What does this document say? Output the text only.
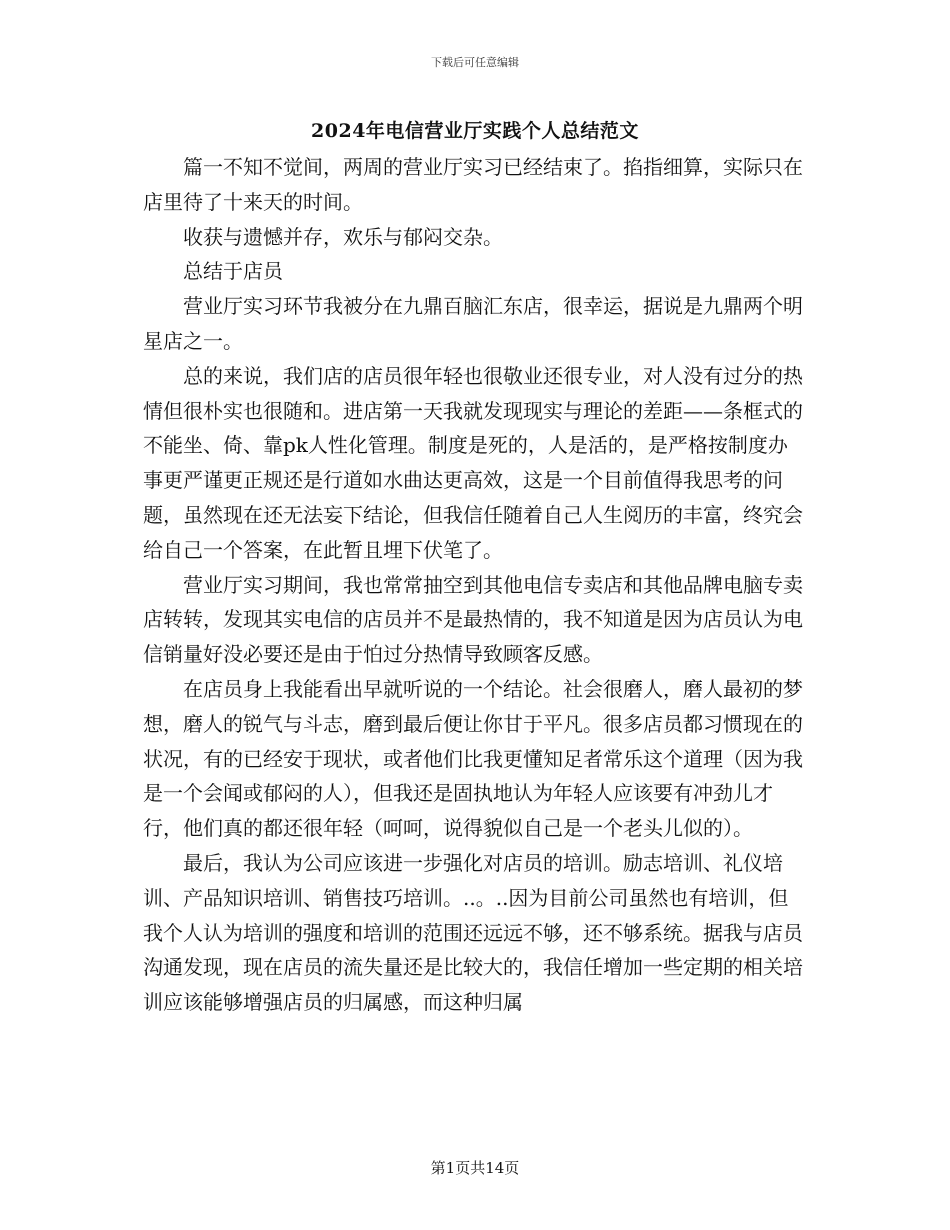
下载后可任意编辑
2024年电信营业厅实践个人总结范文

篇一不知不觉间，两周的营业厅实习已经结束了。掐指细算，实际只在店里待了十来天的时间。

收获与遗憾并存，欢乐与郁闷交杂。

总结于店员

营业厅实习环节我被分在九鼎百脑汇东店，很幸运，据说是九鼎两个明星店之一。

总的来说，我们店的店员很年轻也很敬业还很专业，对人没有过分的热情但很朴实也很随和。进店第一天我就发现现实与理论的差距——条框式的不能坐、倚、靠pk人性化管理。制度是死的，人是活的，是严格按制度办事更严谨更正规还是行道如水曲达更高效，这是一个目前值得我思考的问题，虽然现在还无法妄下结论，但我信任随着自己人生阅历的丰富，终究会给自己一个答案，在此暂且埋下伏笔了。

营业厅实习期间，我也常常抽空到其他电信专卖店和其他品牌电脑专卖店转转，发现其实电信的店员并不是最热情的，我不知道是因为店员认为电信销量好没必要还是由于怕过分热情导致顾客反感。

在店员身上我能看出早就听说的一个结论。社会很磨人，磨人最初的梦想，磨人的锐气与斗志，磨到最后便让你甘于平凡。很多店员都习惯现在的状况，有的已经安于现状，或者他们比我更懂知足者常乐这个道理（因为我是一个会闻或郁闷的人），但我还是固执地认为年轻人应该要有冲劲儿才行，他们真的都还很年轻（呵呵，说得貌似自己是一个老头儿似的）。

最后，我认为公司应该进一步强化对店员的培训。励志培训、礼仪培训、产品知识培训、销售技巧培训。..。..因为目前公司虽然也有培训，但我个人认为培训的强度和培训的范围还远远不够，还不够系统。据我与店员沟通发现，现在店员的流失量还是比较大的，我信任增加一些定期的相关培训应该能够增强店员的归属感，而这种归属

第1页共14页
